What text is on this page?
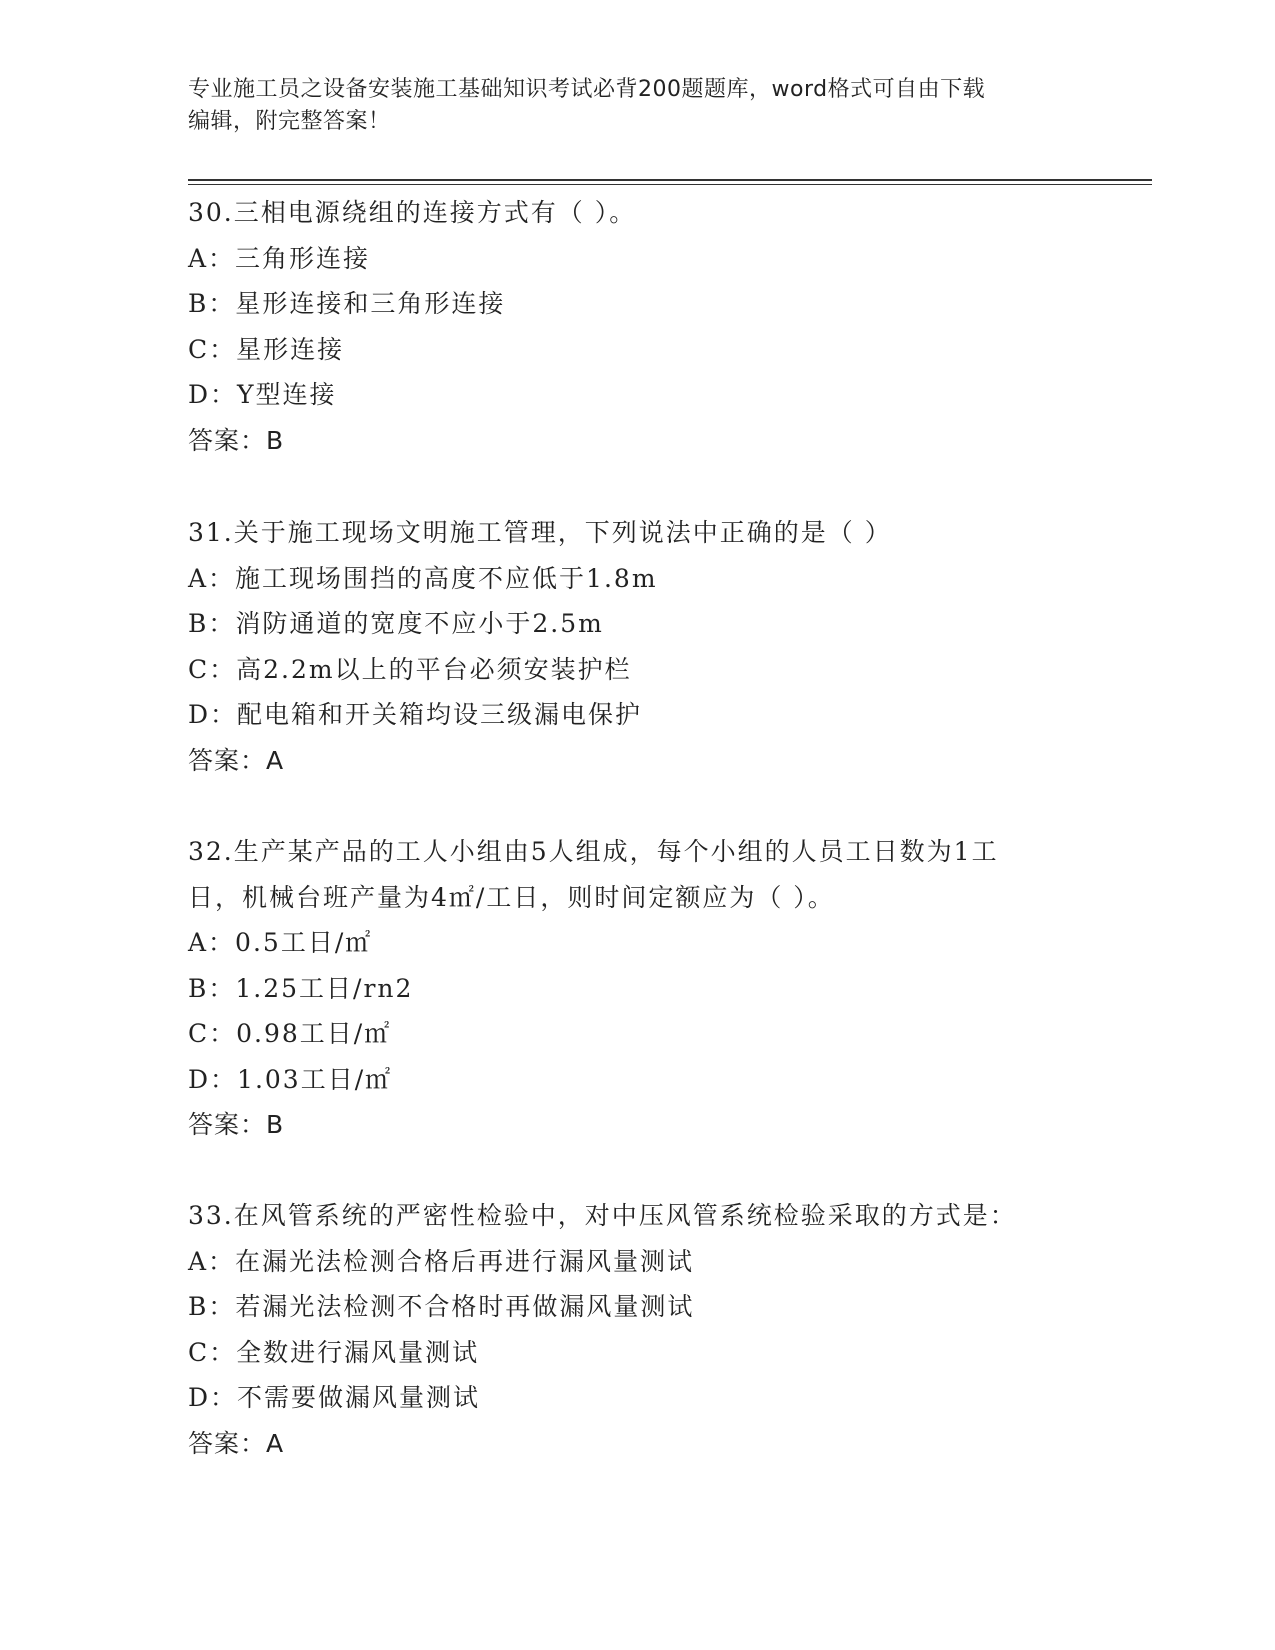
专业施工员之设备安装施工基础知识考试必背200题题库，word格式可自由下载
编辑，附完整答案！
30.三相电源绕组的连接方式有（ ）。
A：三角形连接
B：星形连接和三角形连接
C：星形连接
D：Y型连接
答案：B
31.关于施工现场文明施工管理，下列说法中正确的是（ ）
A：施工现场围挡的高度不应低于1.8m
B：消防通道的宽度不应小于2.5m
C：高2.2m以上的平台必须安装护栏
D：配电箱和开关箱均设三级漏电保护
答案：A
32.生产某产品的工人小组由5人组成，每个小组的人员工日数为1工
日，机械台班产量为4㎡/工日，则时间定额应为（ ）。
A：0.5工日/㎡
B：1.25工日/rn2
C：0.98工日/㎡
D：1.03工日/㎡
答案：B
33.在风管系统的严密性检验中，对中压风管系统检验采取的方式是：
A：在漏光法检测合格后再进行漏风量测试
B：若漏光法检测不合格时再做漏风量测试
C：全数进行漏风量测试
D：不需要做漏风量测试
答案：A
